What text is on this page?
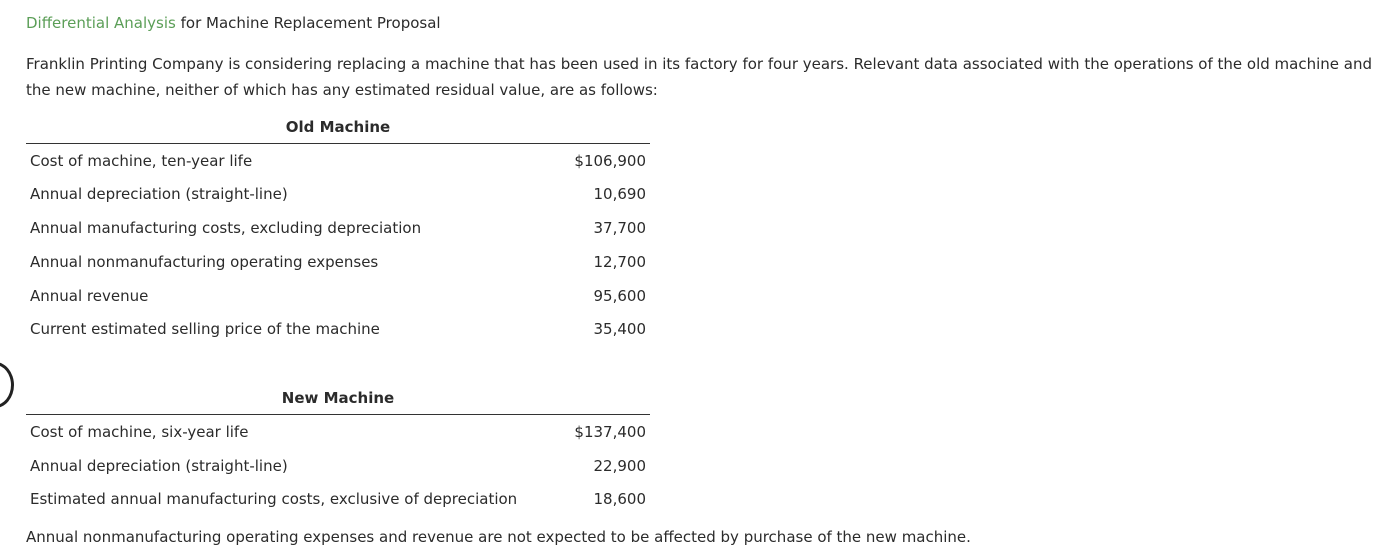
Differential Analysis for Machine Replacement Proposal
Franklin Printing Company is considering replacing a machine that has been used in its factory for four years. Relevant data associated with the operations of the old machine and the new machine, neither of which has any estimated residual value, are as follows:
Old Machine
Cost of machine, ten-year life	$106,900
Annual depreciation (straight-line)	10,690
Annual manufacturing costs, excluding depreciation	37,700
Annual nonmanufacturing operating expenses	12,700
Annual revenue	95,600
Current estimated selling price of the machine	35,400
New Machine
Cost of machine, six-year life	$137,400
Annual depreciation (straight-line)	22,900
Estimated annual manufacturing costs, exclusive of depreciation	18,600
Annual nonmanufacturing operating expenses and revenue are not expected to be affected by purchase of the new machine.
